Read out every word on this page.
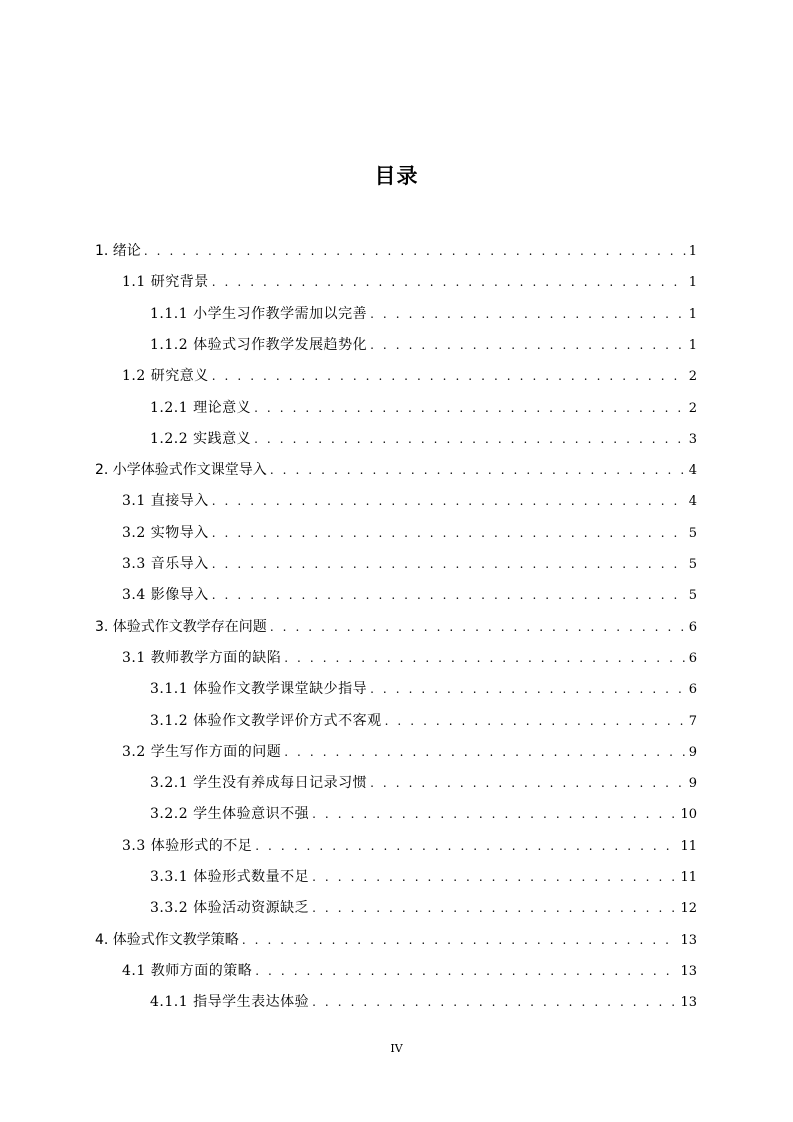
目录
1. 绪论 . . .	1
1.1 研究背景 . . .	1
1.1.1 小学生习作教学需加以完善 . . .	1
1.1.2 体验式习作教学发展趋势化 . . .	1
1.2 研究意义 . . .	2
1.2.1 理论意义 . . .	2
1.2.2 实践意义 . . .	3
2. 小学体验式作文课堂导入 . . .	4
3.1 直接导入 . . .	4
3.2 实物导入 . . .	5
3.3 音乐导入 . . .	5
3.4 影像导入 . . .	5
3. 体验式作文教学存在问题 . . .	6
3.1 教师教学方面的缺陷 . . .	6
3.1.1 体验作文教学课堂缺少指导 . . .	6
3.1.2 体验作文教学评价方式不客观 . . .	7
3.2 学生写作方面的问题 . . .	9
3.2.1 学生没有养成每日记录习惯 . . .	9
3.2.2 学生体验意识不强 . . .	10
3.3 体验形式的不足 . . .	11
3.3.1 体验形式数量不足 . . .	11
3.3.2 体验活动资源缺乏 . . .	12
4. 体验式作文教学策略 . . .	13
4.1 教师方面的策略 . . .	13
4.1.1 指导学生表达体验 . . .	13
IV
